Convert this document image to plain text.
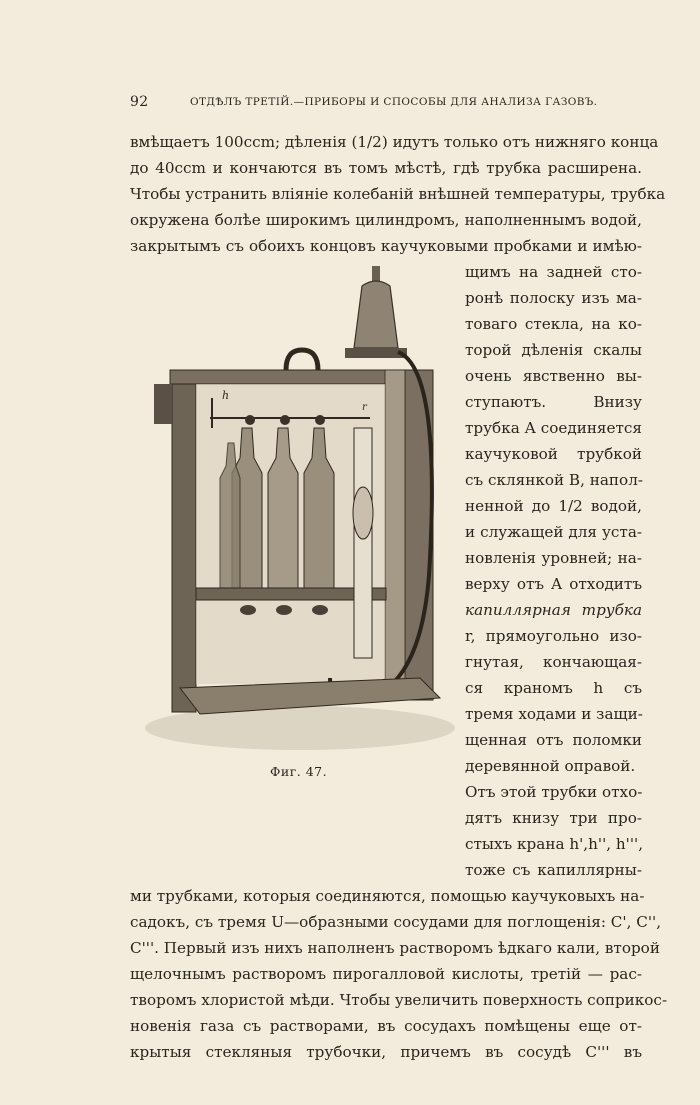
92	ОТДѢЛЪ ТРЕТІЙ.—ПРИБОРЫ И СПОСОБЫ ДЛЯ АНАЛИЗА ГАЗОВЪ.
вмѣщаетъ 100ccm; дѣленія (1/2) идутъ только отъ нижняго конца
до 40ccm и кончаются въ томъ мѣстѣ, гдѣ трубка расширена.
Чтобы устранить вліяніе колебаній внѣшней температуры, трубка
окружена болѣе широкимъ цилиндромъ, наполненнымъ водой,
закрытымъ съ обоихъ концовъ каучуковыми пробками и имѣю-
щимъ на задней сто-
ронѣ полоску изъ ма-
товаго стекла, на ко-
торой дѣленія скалы
очень явственно вы-
ступаютъ. Внизу
трубка A соединяется
каучуковой трубкой
съ склянкой B, напол-
ненной до 1/2 водой,
и служащей для уста-
новленія уровней; на-
верху отъ A отходитъ
капиллярная трубка
r, прямоугольно изо-
гнутая, кончающая-
ся краномъ h съ
тремя ходами и защи-
щенная отъ поломки
деревянной оправой.
Отъ этой трубки отхо-
дятъ книзу три про-
стыхъ крана h',h'', h''',
тоже съ капиллярны-
ми трубками, которыя соединяются, помощью каучуковыхъ на-
садокъ, съ тремя U—образными сосудами для поглощенія: C', C'',
C'''. Первый изъ нихъ наполненъ растворомъ ѣдкаго кали, второй
щелочнымъ растворомъ пирогалловой кислоты, третій — рас-
творомъ хлористой мѣди. Чтобы увеличить поверхность соприкос-
новенія газа съ растворами, въ сосудахъ помѣщены еще от-
крытыя стекляныя трубочки, причемъ въ сосудѣ C''' въ
h
r
Фиг. 47.
